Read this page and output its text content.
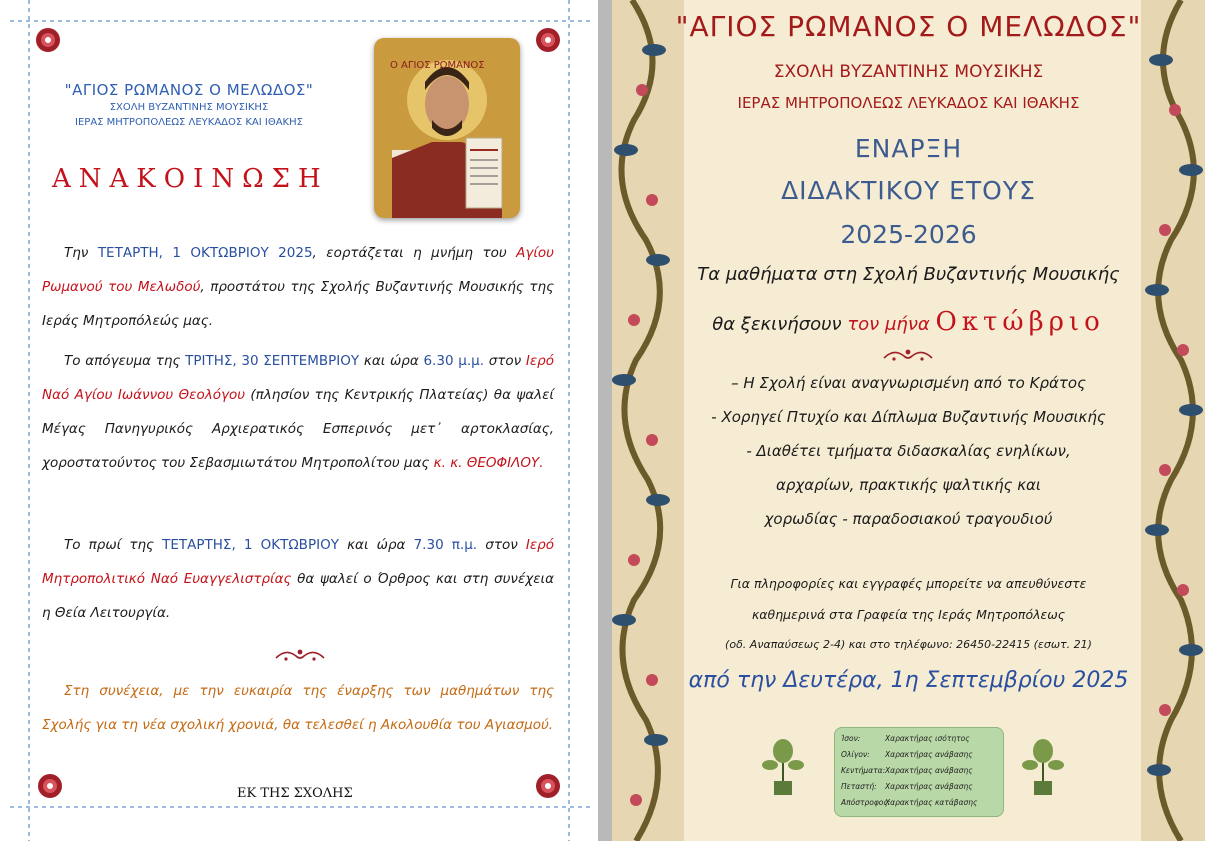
"ΑΓΙΟΣ ΡΩΜΑΝΟΣ Ο ΜΕΛΩΔΟΣ"
ΣΧΟΛΗ ΒΥΖΑΝΤΙΝΗΣ ΜΟΥΣΙΚΗΣ
ΙΕΡΑΣ ΜΗΤΡΟΠΟΛΕΩΣ ΛΕΥΚΑΔΟΣ ΚΑΙ ΙΘΑΚΗΣ
ΑΝΑΚΟΙΝΩΣΗ
Ο ΑΓΙΟΣ ΡΩΜΑΝΟΣ
Την ΤΕΤΑΡΤΗ, 1 ΟΚΤΩΒΡΙΟΥ 2025, εορτάζεται η μνήμη του Αγίου Ρωμανού του Μελωδού, προστάτου της Σχολής Βυζαντινής Μουσικής της Ιεράς Μητροπόλεώς μας.
Το απόγευμα της ΤΡΙΤΗΣ, 30 ΣΕΠΤΕΜΒΡΙΟΥ και ώρα 6.30 μ.μ. στον Ιερό Ναό Αγίου Ιωάννου Θεολόγου (πλησίον της Κεντρικής Πλατείας) θα ψαλεί Μέγας Πανηγυρικός Αρχιερατικός Εσπερινός μετ᾽ αρτοκλασίας, χοροστατούντος του Σεβασμιωτάτου Μητροπολίτου μας κ. κ. ΘΕΟΦΙΛΟΥ.
Το πρωί της ΤΕΤΑΡΤΗΣ, 1 ΟΚΤΩΒΡΙΟΥ και ώρα 7.30 π.μ. στον Ιερό Μητροπολιτικό Ναό Ευαγγελιστρίας θα ψαλεί ο Όρθρος και στη συνέχεια η Θεία Λειτουργία.
Στη συνέχεια, με την ευκαιρία της έναρξης των μαθημάτων της Σχολής για τη νέα σχολική χρονιά, θα τελεσθεί η Ακολουθία του Αγιασμού.
ΕΚ ΤΗΣ ΣΧΟΛΗΣ
"ΑΓΙΟΣ ΡΩΜΑΝΟΣ Ο ΜΕΛΩΔΟΣ"
ΣΧΟΛΗ ΒΥΖΑΝΤΙΝΗΣ ΜΟΥΣΙΚΗΣ
ΙΕΡΑΣ ΜΗΤΡΟΠΟΛΕΩΣ ΛΕΥΚΑΔΟΣ ΚΑΙ ΙΘΑΚΗΣ
ΕΝΑΡΞΗ
ΔΙΔΑΚΤΙΚΟΥ ΕΤΟΥΣ
2025-2026
Τα μαθήματα στη Σχολή Βυζαντινής Μουσικής
θα ξεκινήσουν τον μήνα Οκτώβριο
– Η Σχολή είναι αναγνωρισμένη από το Κράτος
- Χορηγεί Πτυχίο και Δίπλωμα Βυζαντινής Μουσικής
- Διαθέτει τμήματα διδασκαλίας ενηλίκων,
αρχαρίων, πρακτικής ψαλτικής και
χορωδίας - παραδοσιακού τραγουδιού
Για πληροφορίες και εγγραφές μπορείτε να απευθύνεστε
καθημερινά στα Γραφεία της Ιεράς Μητροπόλεως
(οδ. Αναπαύσεως 2-4) και στο τηλέφωνο: 26450-22415 (εσωτ. 21)
από την Δευτέρα, 1η Σεπτεμβρίου 2025
Ίσον:	Χαρακτήρας ισότητος
Ολίγον: Χαρακτήρας ανάβασης
Κεντήματα:Χαρακτήρας ανάβασης
Πεταστή: Χαρακτήρας ανάβασης
Απόστροφος:Χαρακτήρας κατάβασης
